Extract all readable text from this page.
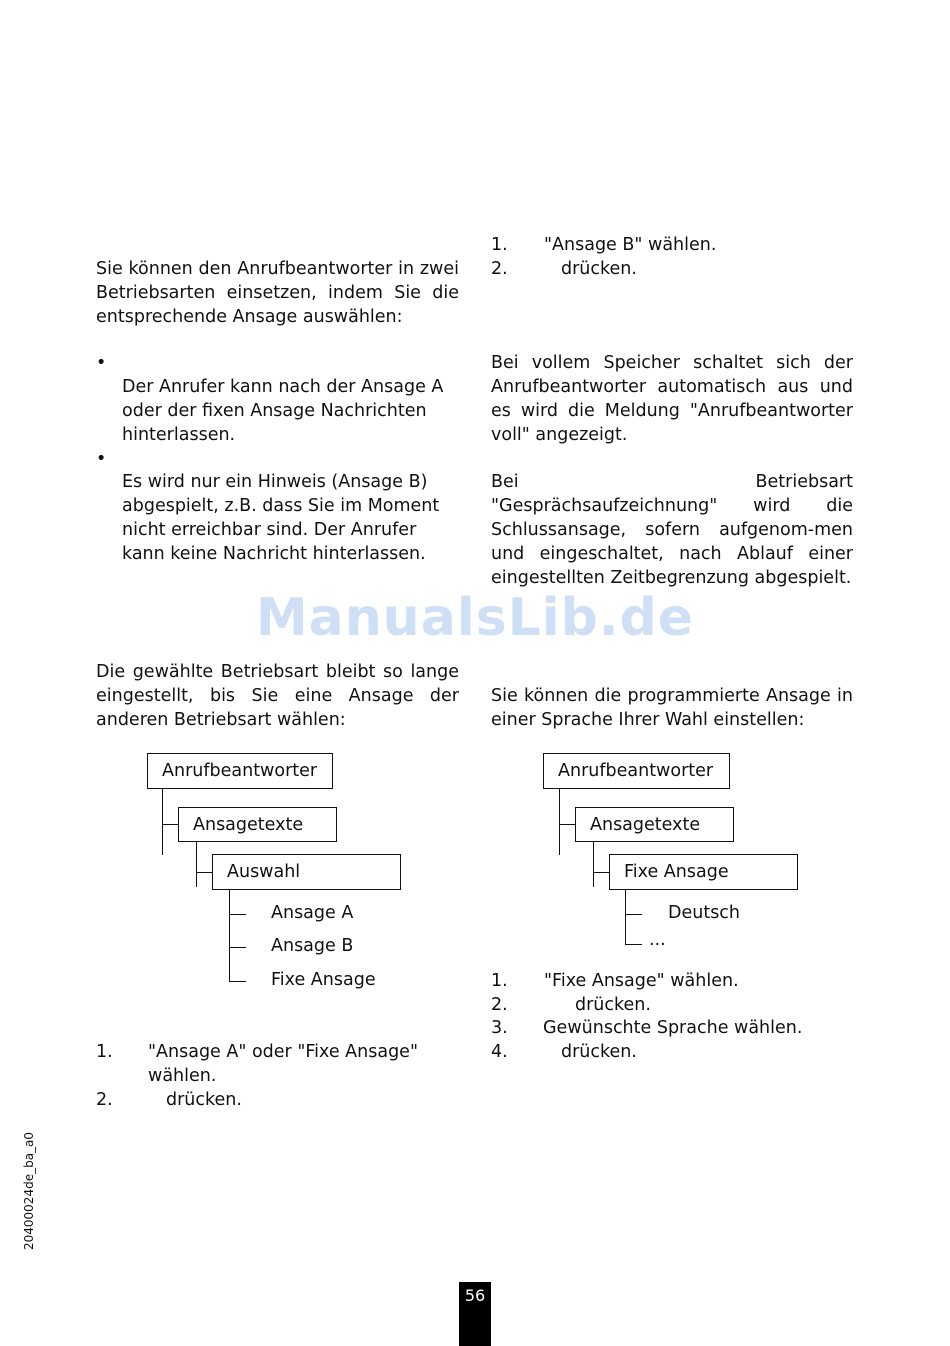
Sie können den Anrufbeantworter in zwei Betriebsarten einsetzen, indem Sie die entsprechende Ansage auswählen:
•
Der Anrufer kann nach der Ansage A oder der fixen Ansage Nachrichten hinterlassen.
•
Es wird nur ein Hinweis (Ansage B) abgespielt, z.B. dass Sie im Moment nicht erreichbar sind. Der Anrufer kann keine Nachricht hinterlassen.
Die gewählte Betriebsart bleibt so lange eingestellt, bis Sie eine Ansage der anderen Betriebsart wählen:
Anrufbeantworter
Ansagetexte
Auswahl
Ansage A
Ansage B
Fixe Ansage
1. "Ansage A" oder "Fixe Ansage" wählen.
2.	drücken.
1. "Ansage B" wählen.
2.	drücken.
Bei vollem Speicher schaltet sich der Anrufbeantworter automatisch aus und es wird die Meldung "Anrufbeantworter voll" angezeigt.
Bei Betriebsart "Gesprächsaufzeichnung" wird die Schlussansage, sofern aufgenom-men und eingeschaltet, nach Ablauf einer eingestellten Zeitbegrenzung abgespielt.
Sie können die programmierte Ansage in einer Sprache Ihrer Wahl einstellen:
Anrufbeantworter
Ansagetexte
Fixe Ansage
Deutsch
...
1. "Fixe Ansage" wählen.
2.	drücken.
3. Gewünschte Sprache wählen.
4.	drücken.
ManualsLib.de
20400024de_ba_a0
56
